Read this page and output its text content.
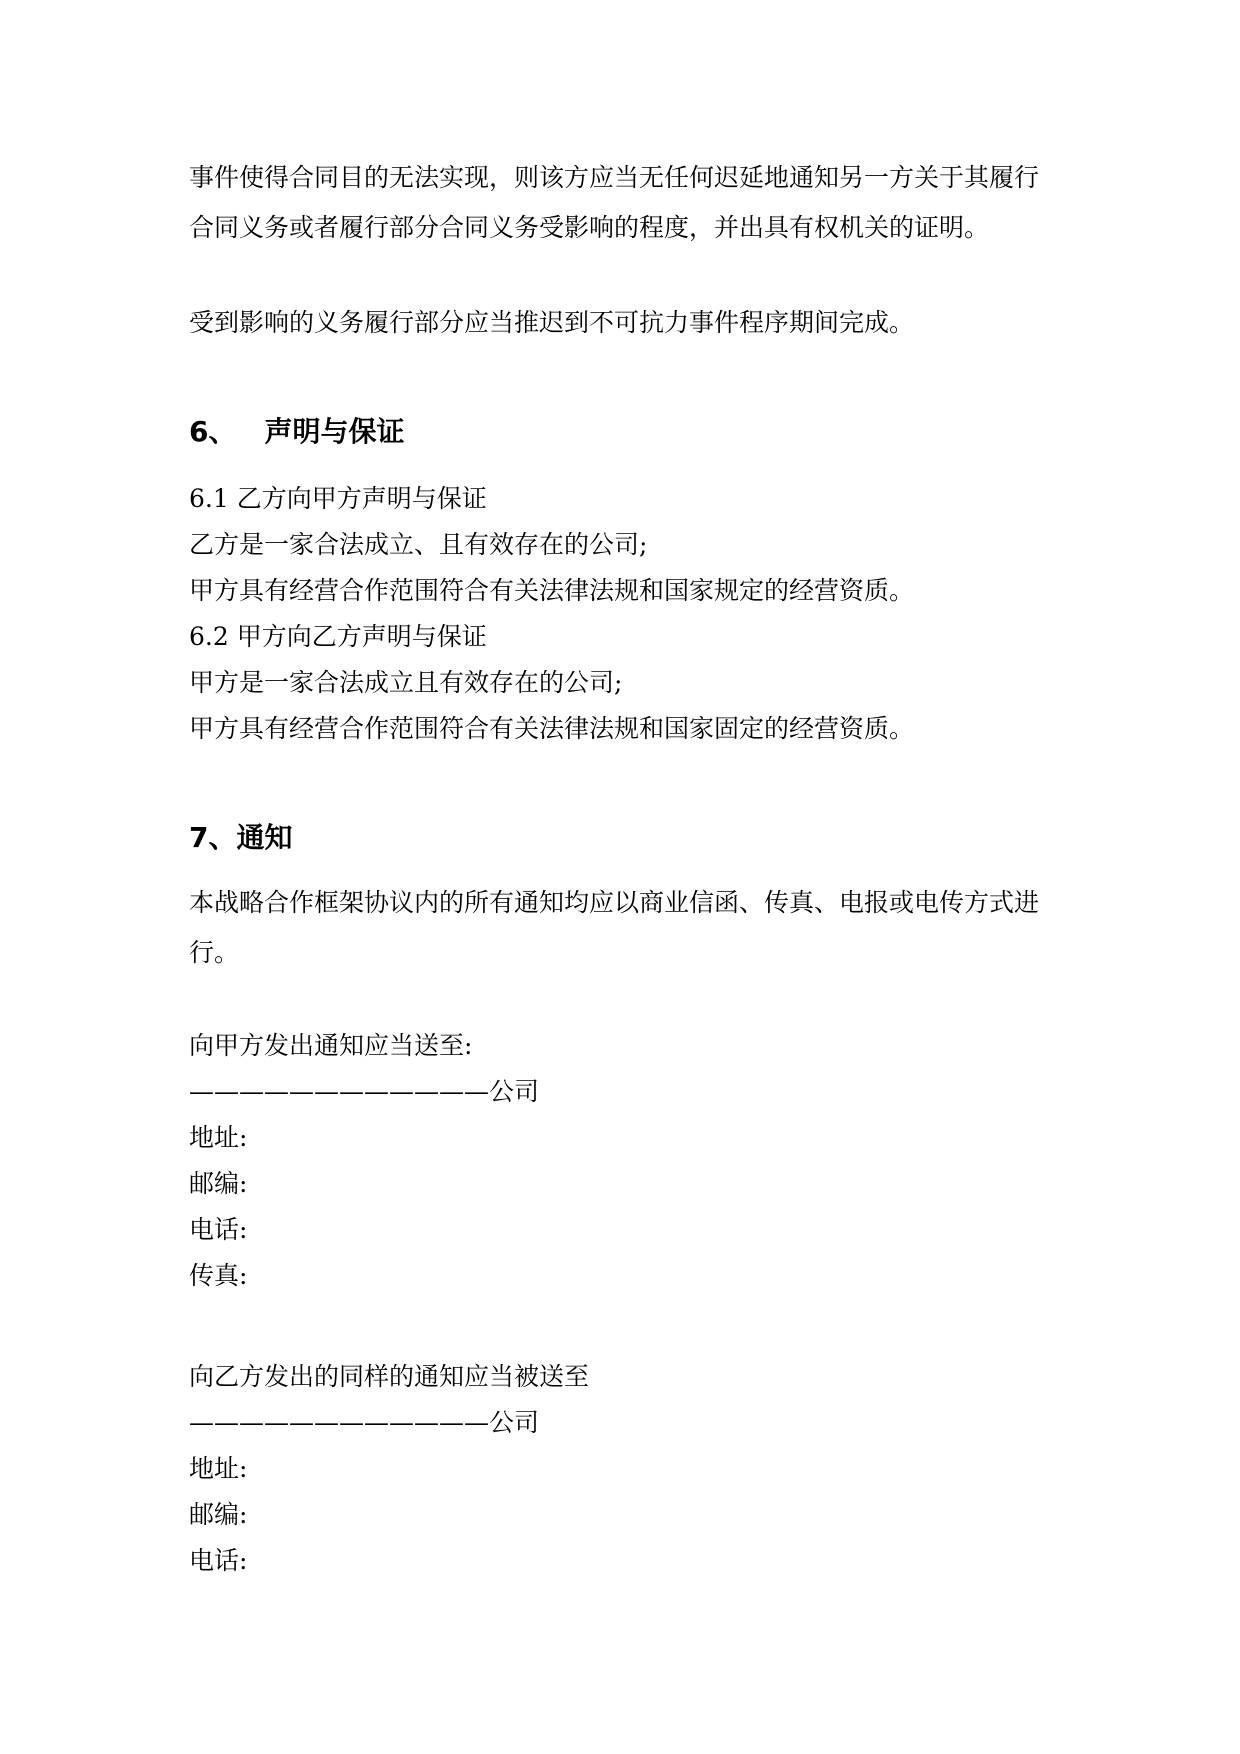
事件使得合同目的无法实现，则该方应当无任何迟延地通知另一方关于其履行
合同义务或者履行部分合同义务受影响的程度，并出具有权机关的证明。
受到影响的义务履行部分应当推迟到不可抗力事件程序期间完成。
6、 声明与保证
6.1 乙方向甲方声明与保证
乙方是一家合法成立、且有效存在的公司;
甲方具有经营合作范围符合有关法律法规和国家规定的经营资质。
6.2 甲方向乙方声明与保证
甲方是一家合法成立且有效存在的公司;
甲方具有经营合作范围符合有关法律法规和国家固定的经营资质。
7、通知
本战略合作框架协议内的所有通知均应以商业信函、传真、电报或电传方式进
行。
向甲方发出通知应当送至:
————————————公司
地址:
邮编:
电话:
传真:
向乙方发出的同样的通知应当被送至
————————————公司
地址:
邮编:
电话:
